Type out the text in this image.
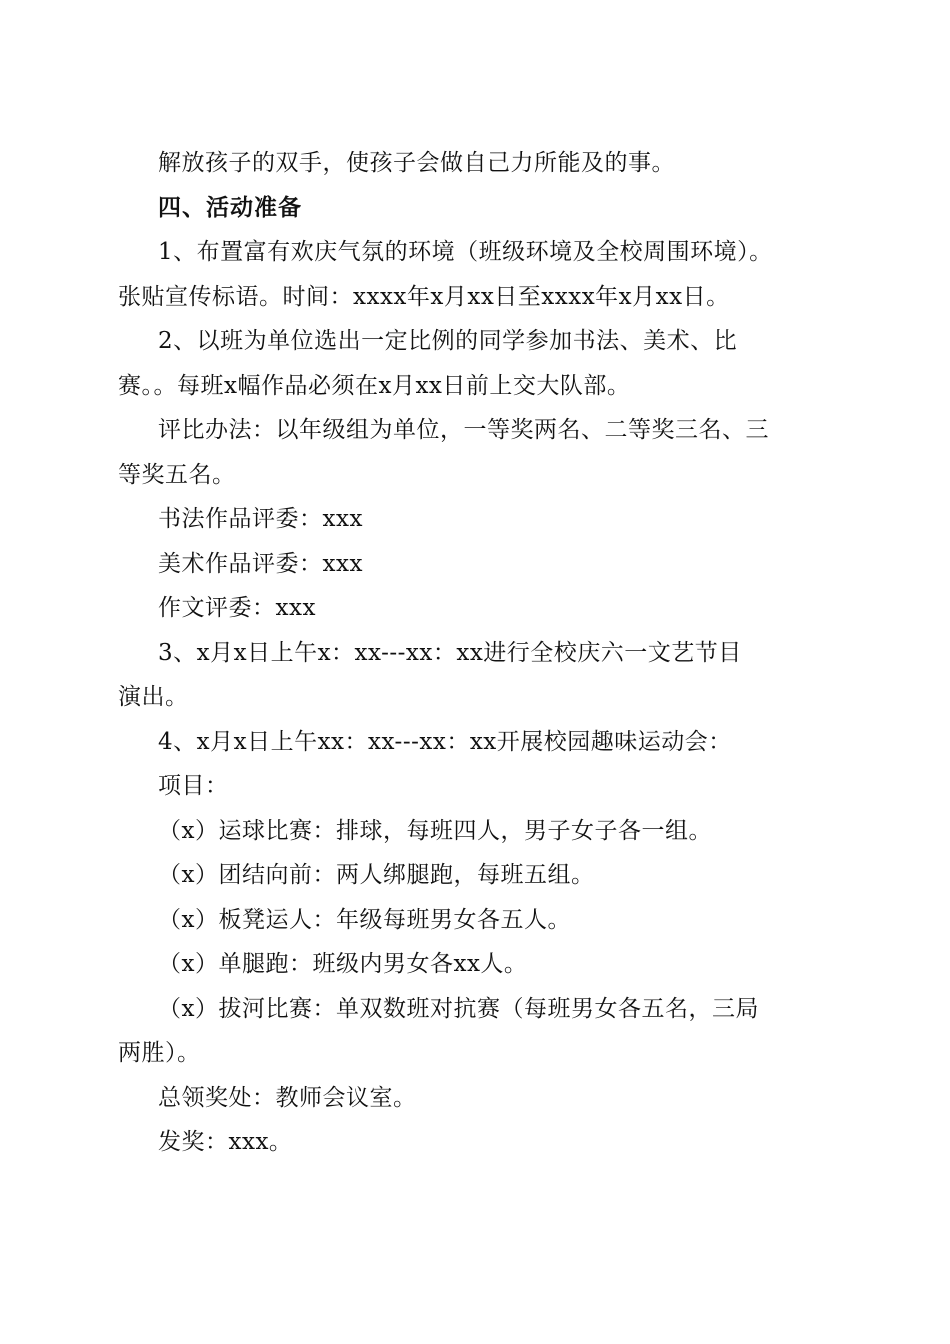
解放孩子的双手，使孩子会做自己力所能及的事。

四、活动准备

1、布置富有欢庆气氛的环境（班级环境及全校周围环境）。

张贴宣传标语。时间：xxxx年x月xx日至xxxx年x月xx日。

2、以班为单位选出一定比例的同学参加书法、美术、比

赛。。每班x幅作品必须在x月xx日前上交大队部。

评比办法：以年级组为单位，一等奖两名、二等奖三名、三

等奖五名。

书法作品评委：xxx

美术作品评委：xxx

作文评委：xxx

3、x月x日上午x：xx---xx：xx进行全校庆六一文艺节目

演出。

4、x月x日上午xx：xx---xx：xx开展校园趣味运动会：

项目：

（x）运球比赛：排球，每班四人，男子女子各一组。

（x）团结向前：两人绑腿跑，每班五组。

（x）板凳运人：年级每班男女各五人。

（x）单腿跑：班级内男女各xx人。

（x）拔河比赛：单双数班对抗赛（每班男女各五名，三局

两胜）。

总领奖处：教师会议室。

发奖：xxx。
